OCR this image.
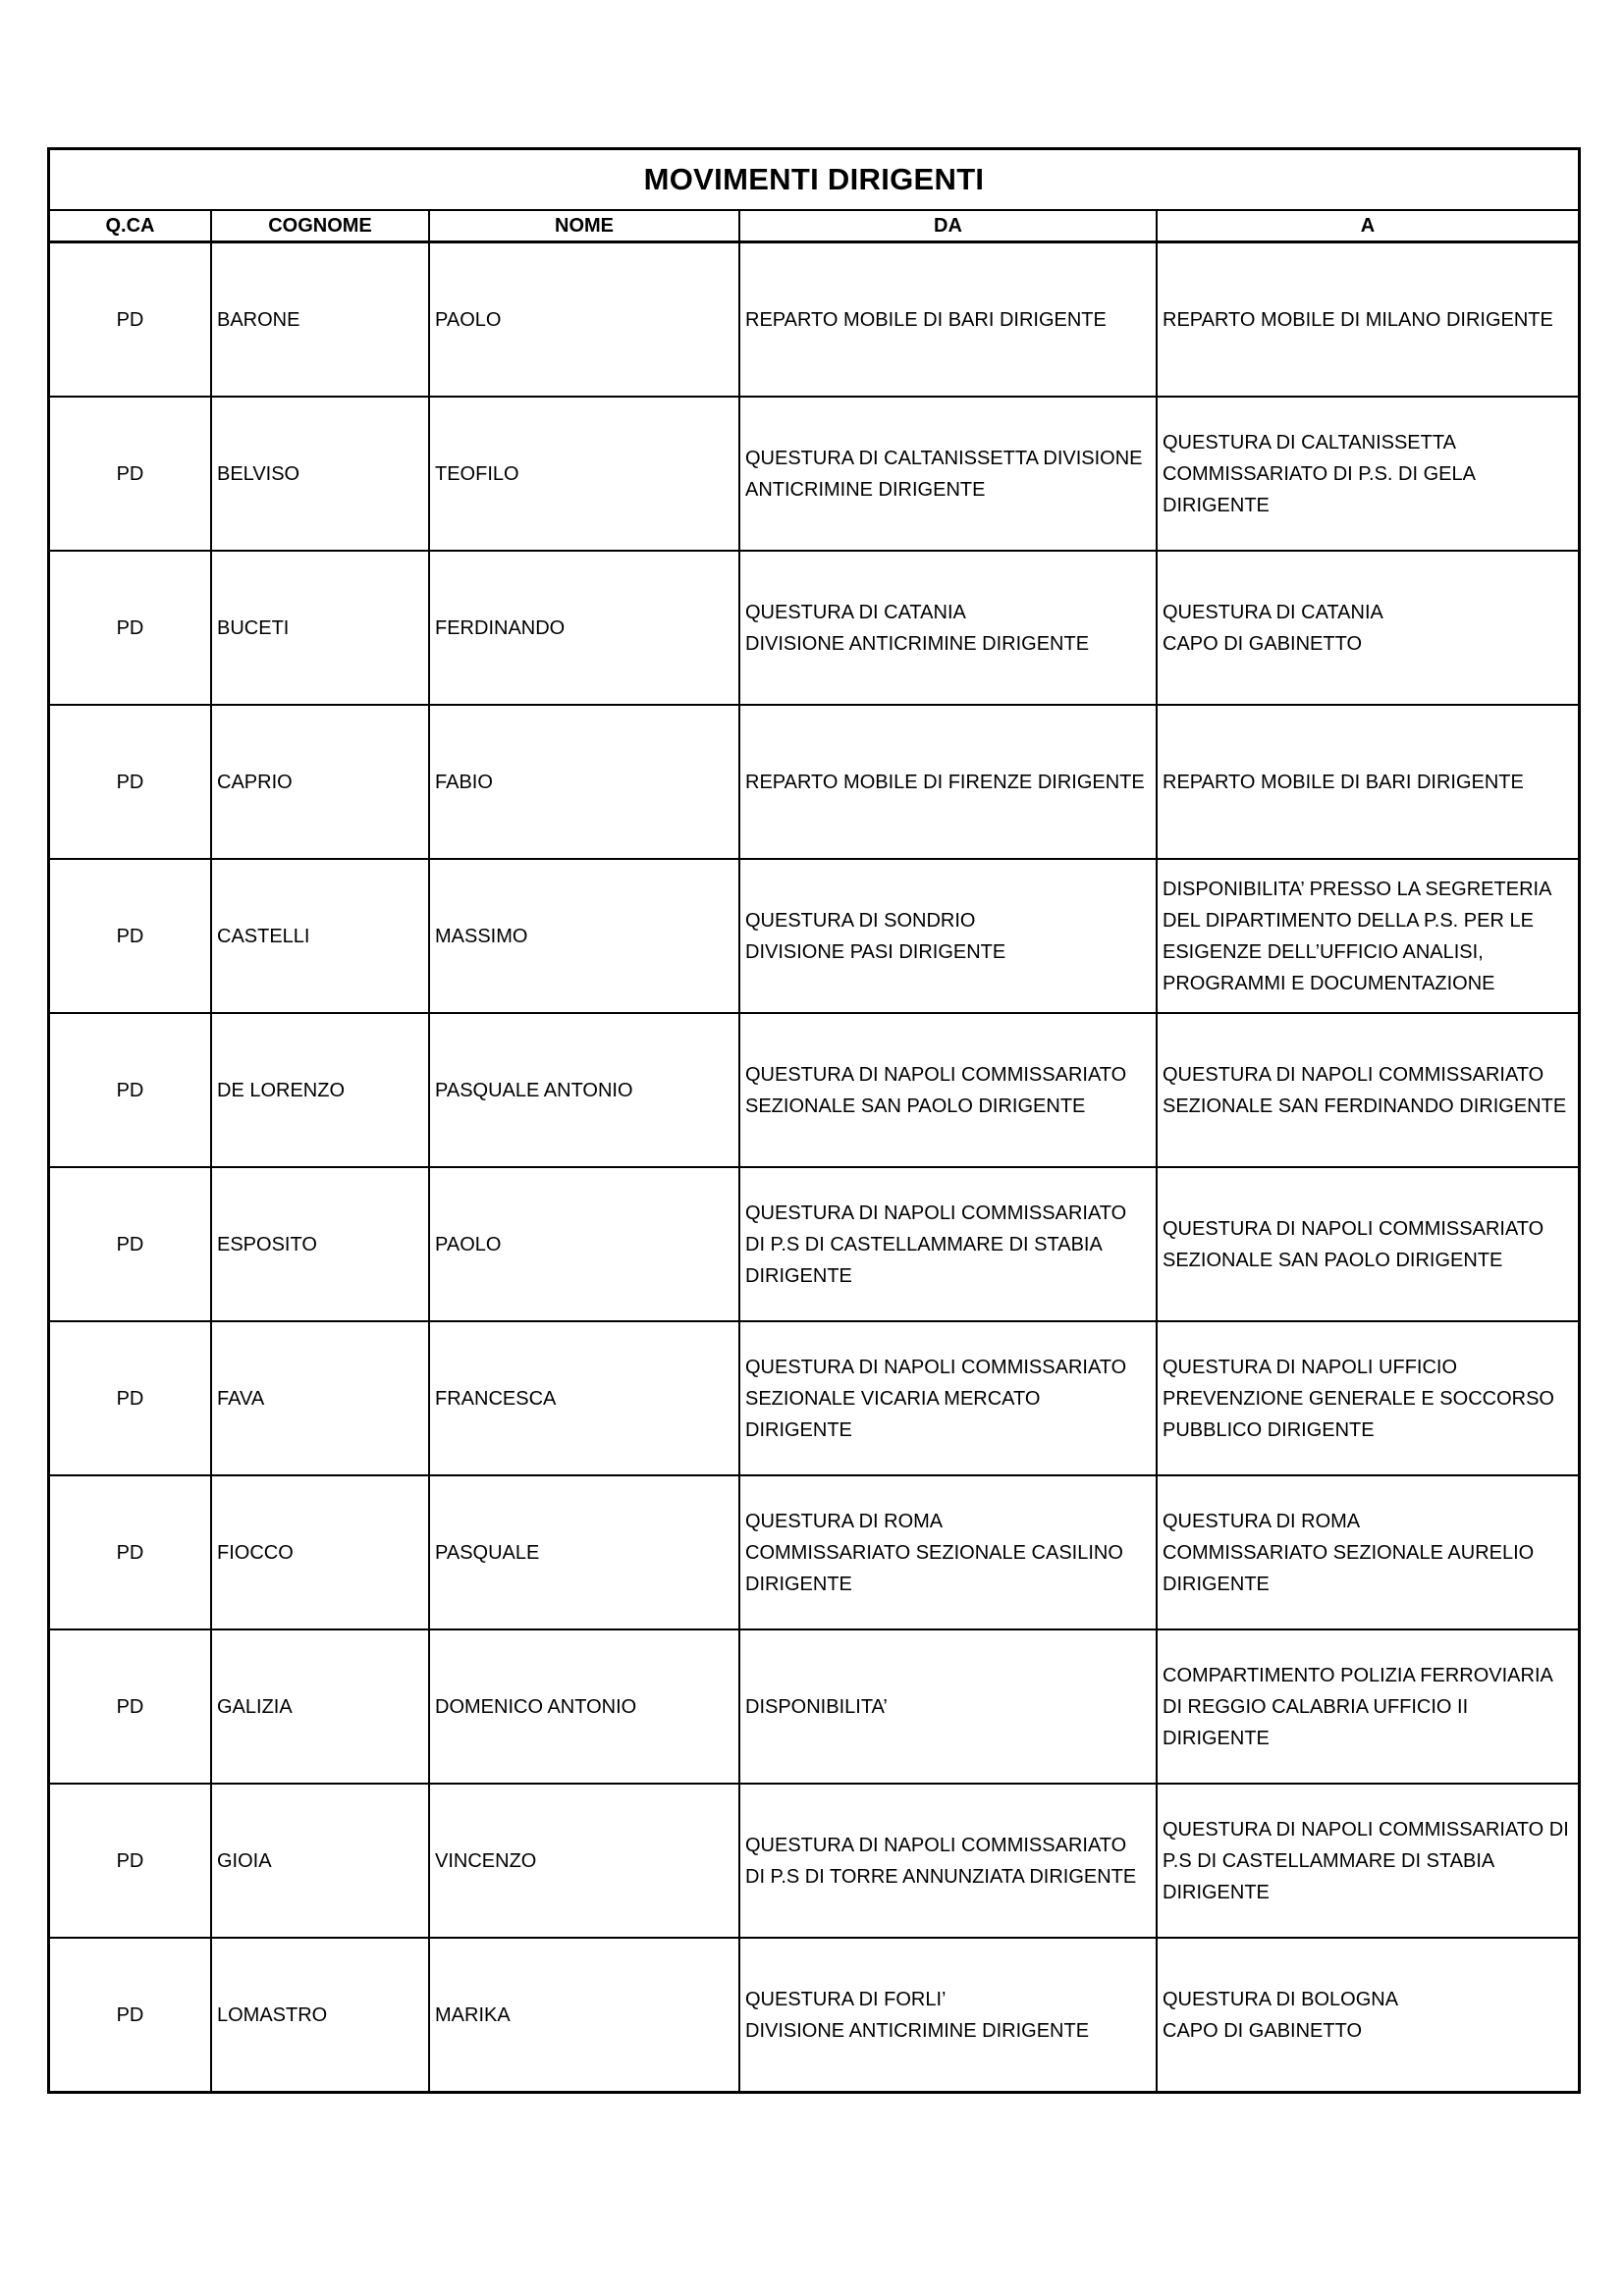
MOVIMENTI DIRIGENTI
Q.CA	COGNOME	NOME	DA	A
PD	BARONE	PAOLO	REPARTO MOBILE DI BARI DIRIGENTE	REPARTO MOBILE DI MILANO DIRIGENTE
PD	BELVISO	TEOFILO	QUESTURA DI CALTANISSETTA DIVISIONE
ANTICRIMINE DIRIGENTE	QUESTURA DI CALTANISSETTA
COMMISSARIATO DI P.S. DI GELA
DIRIGENTE
PD	BUCETI	FERDINANDO	QUESTURA DI CATANIA
DIVISIONE ANTICRIMINE DIRIGENTE	QUESTURA DI CATANIA
CAPO DI GABINETTO
PD	CAPRIO	FABIO	REPARTO MOBILE DI FIRENZE DIRIGENTE	REPARTO MOBILE DI BARI DIRIGENTE
PD	CASTELLI	MASSIMO	QUESTURA DI SONDRIO
DIVISIONE PASI DIRIGENTE	DISPONIBILITA’ PRESSO LA SEGRETERIA
DEL DIPARTIMENTO DELLA P.S. PER LE
ESIGENZE DELL’UFFICIO ANALISI,
PROGRAMMI E DOCUMENTAZIONE
PD	DE LORENZO	PASQUALE ANTONIO	QUESTURA DI NAPOLI COMMISSARIATO
SEZIONALE SAN PAOLO DIRIGENTE	QUESTURA DI NAPOLI COMMISSARIATO
SEZIONALE SAN FERDINANDO DIRIGENTE
PD	ESPOSITO	PAOLO	QUESTURA DI NAPOLI COMMISSARIATO
DI P.S DI CASTELLAMMARE DI STABIA
DIRIGENTE	QUESTURA DI NAPOLI COMMISSARIATO
SEZIONALE SAN PAOLO DIRIGENTE
PD	FAVA	FRANCESCA	QUESTURA DI NAPOLI COMMISSARIATO
SEZIONALE VICARIA MERCATO DIRIGENTE	QUESTURA DI NAPOLI UFFICIO
PREVENZIONE GENERALE E SOCCORSO
PUBBLICO DIRIGENTE
PD	FIOCCO	PASQUALE	QUESTURA DI ROMA
COMMISSARIATO SEZIONALE CASILINO
DIRIGENTE	QUESTURA DI ROMA
COMMISSARIATO SEZIONALE AURELIO
DIRIGENTE
PD	GALIZIA	DOMENICO ANTONIO	DISPONIBILITA’	COMPARTIMENTO POLIZIA FERROVIARIA
DI REGGIO CALABRIA UFFICIO II DIRIGENTE
PD	GIOIA	VINCENZO	QUESTURA DI NAPOLI COMMISSARIATO
DI P.S DI TORRE ANNUNZIATA DIRIGENTE	QUESTURA DI NAPOLI COMMISSARIATO DI
P.S DI CASTELLAMMARE DI STABIA
DIRIGENTE
PD	LOMASTRO	MARIKA	QUESTURA DI FORLI’
DIVISIONE ANTICRIMINE DIRIGENTE	QUESTURA DI BOLOGNA
CAPO DI GABINETTO
